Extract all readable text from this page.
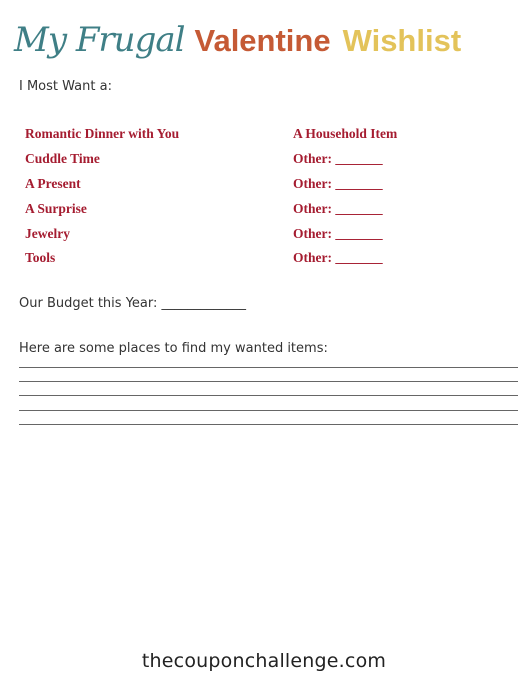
My Frugal Valentine Wishlist
I Most Want a:
Romantic Dinner with You
Cuddle Time
A Present
A Surprise
Jewelry
Tools
A Household Item
Other: _______
Other: _______
Other: _______
Other: _______
Other: _______
Our Budget this Year: _____________
Here are some places to find my wanted items:
thecouponchallenge.com
